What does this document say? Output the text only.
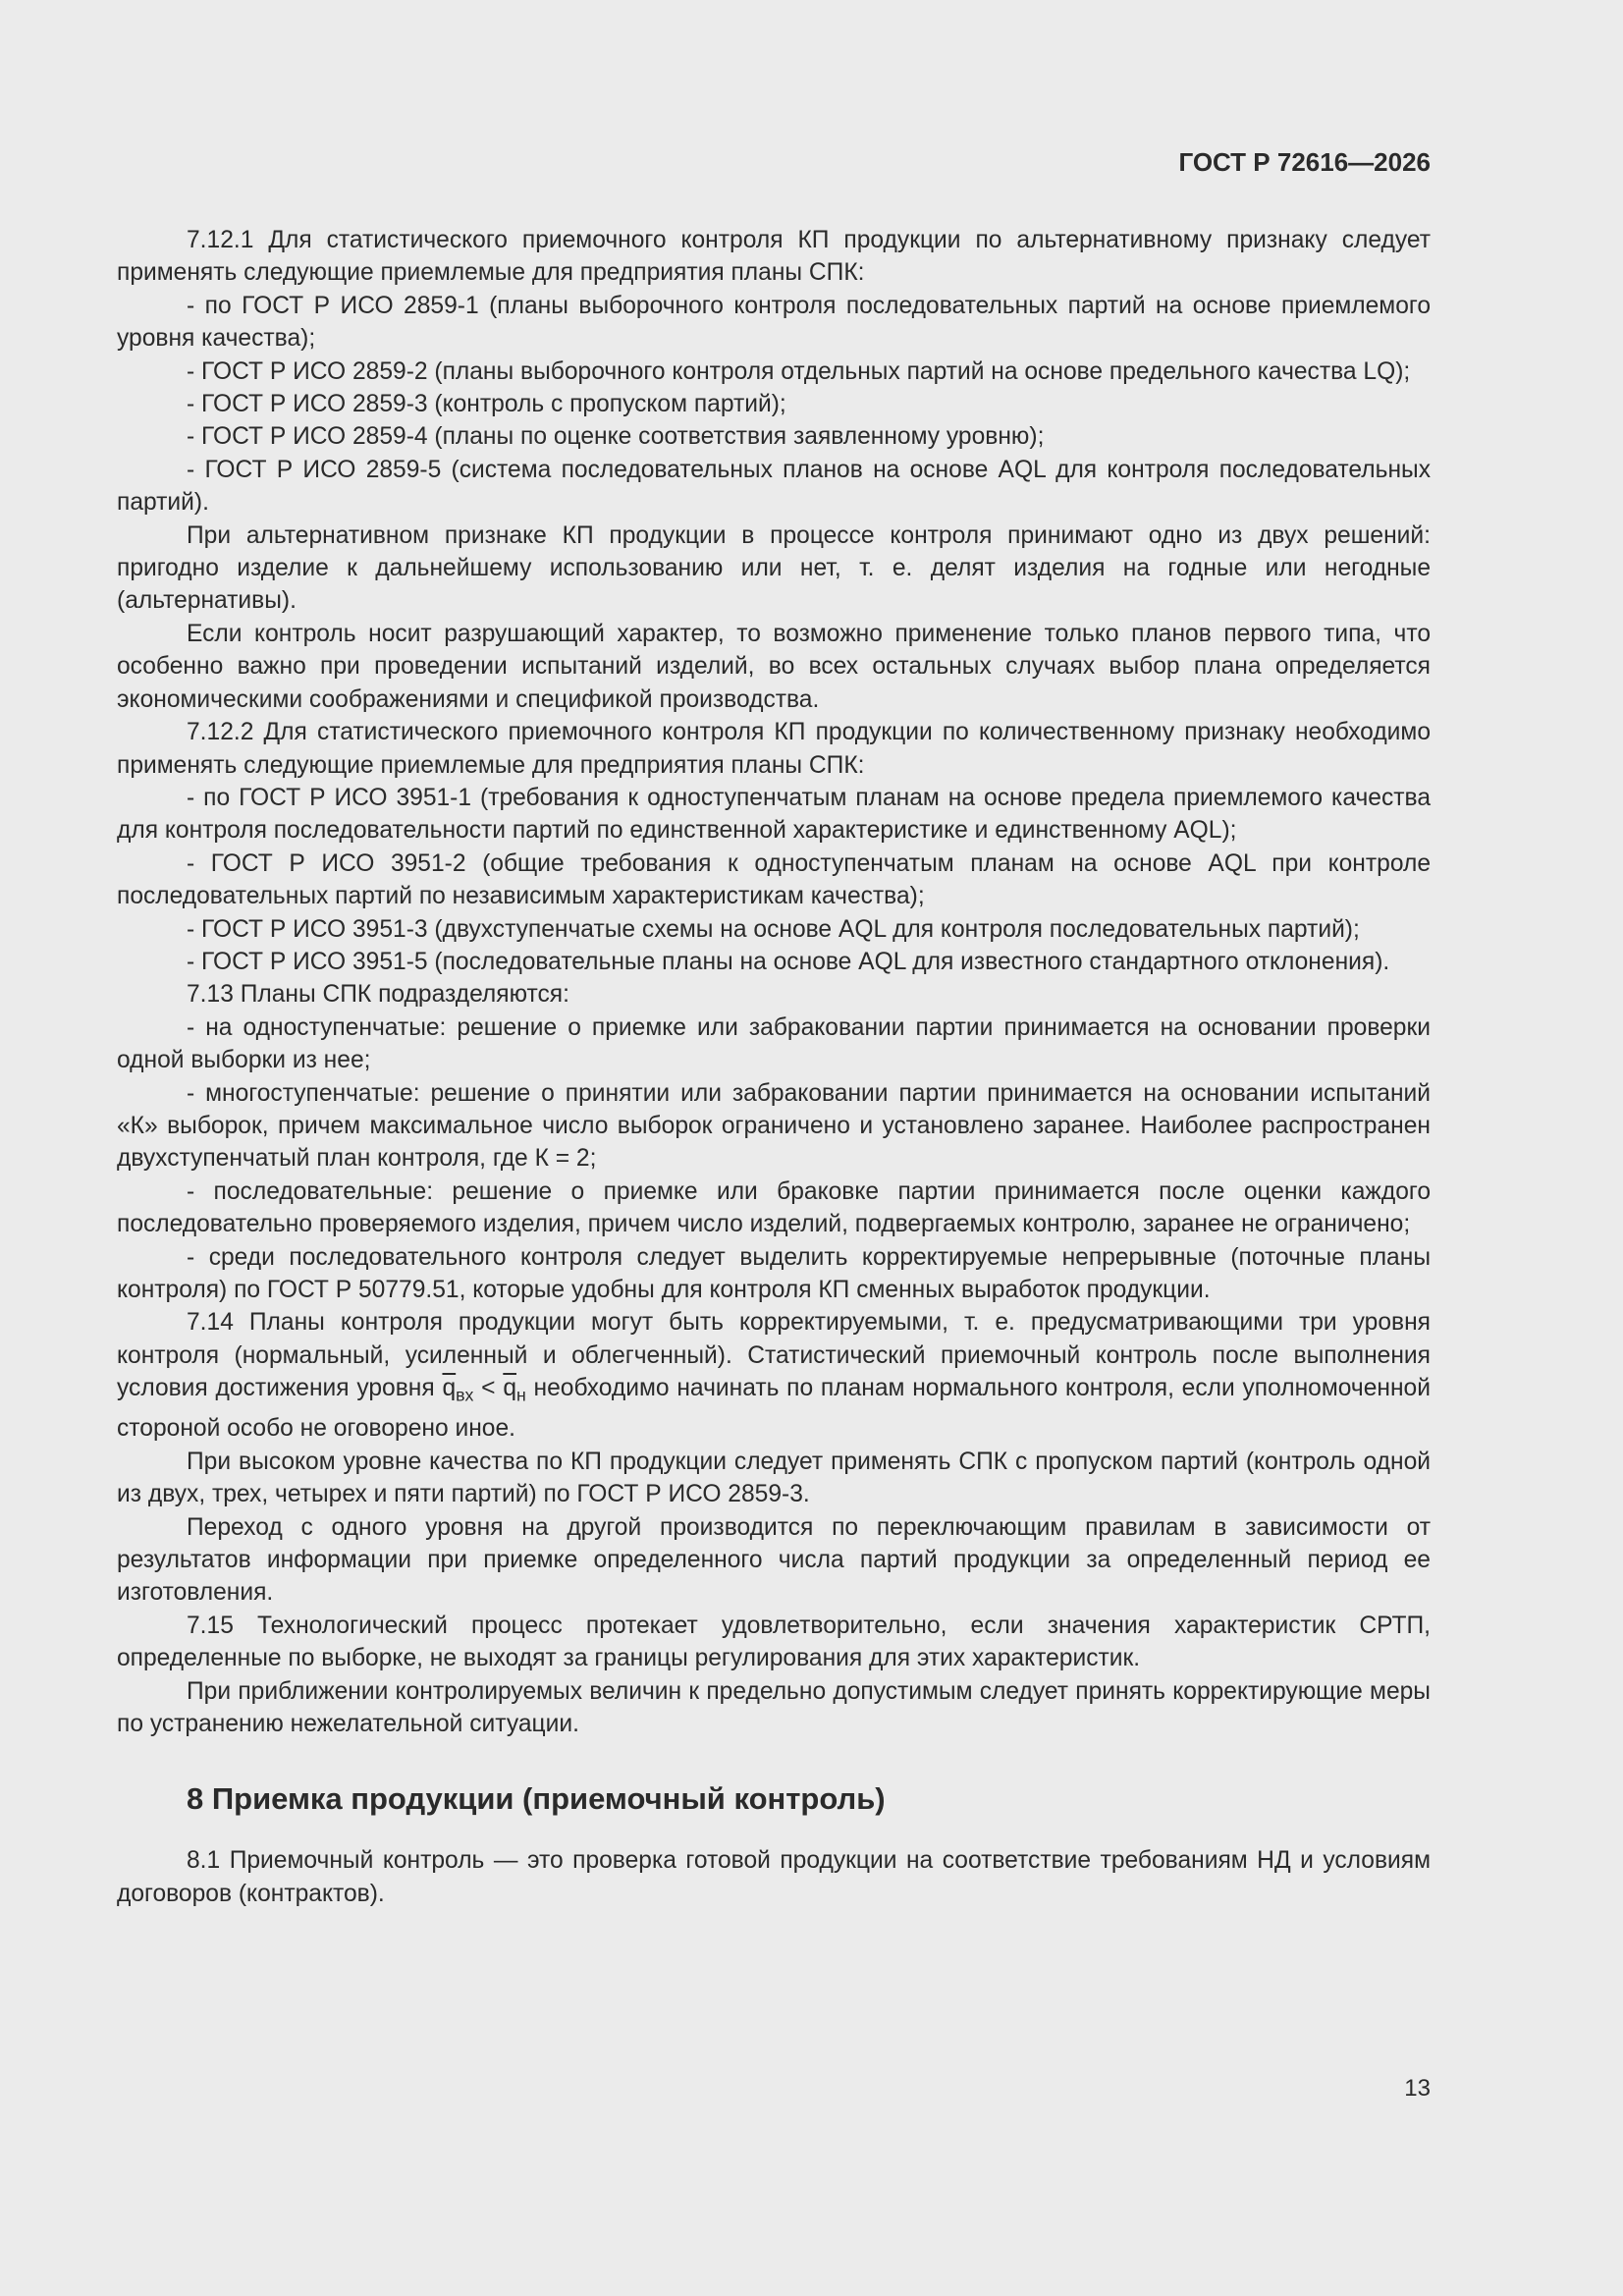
ГОСТ Р 72616—2026

7.12.1 Для статистического приемочного контроля КП продукции по альтернативному признаку следует применять следующие приемлемые для предприятия планы СПК:

- по ГОСТ Р ИСО 2859-1 (планы выборочного контроля последовательных партий на основе приемлемого уровня качества);

- ГОСТ Р ИСО 2859-2 (планы выборочного контроля отдельных партий на основе предельного качества LQ);

- ГОСТ Р ИСО 2859-3 (контроль с пропуском партий);

- ГОСТ Р ИСО 2859-4 (планы по оценке соответствия заявленному уровню);

- ГОСТ Р ИСО 2859-5 (система последовательных планов на основе AQL для контроля последовательных партий).

При альтернативном признаке КП продукции в процессе контроля принимают одно из двух решений: пригодно изделие к дальнейшему использованию или нет, т. е. делят изделия на годные или негодные (альтернативы).

Если контроль носит разрушающий характер, то возможно применение только планов первого типа, что особенно важно при проведении испытаний изделий, во всех остальных случаях выбор плана определяется экономическими соображениями и спецификой производства.

7.12.2 Для статистического приемочного контроля КП продукции по количественному признаку необходимо применять следующие приемлемые для предприятия планы СПК:

- по ГОСТ Р ИСО 3951-1 (требования к одноступенчатым планам на основе предела приемлемого качества для контроля последовательности партий по единственной характеристике и единственному AQL);

- ГОСТ Р ИСО 3951-2 (общие требования к одноступенчатым планам на основе AQL при контроле последовательных партий по независимым характеристикам качества);

- ГОСТ Р ИСО 3951-3 (двухступенчатые схемы на основе AQL для контроля последовательных партий);

- ГОСТ Р ИСО 3951-5 (последовательные планы на основе AQL для известного стандартного отклонения).

7.13 Планы СПК подразделяются:

- на одноступенчатые: решение о приемке или забраковании партии принимается на основании проверки одной выборки из нее;

- многоступенчатые: решение о принятии или забраковании партии принимается на основании испытаний «К» выборок, причем максимальное число выборок ограничено и установлено заранее. Наиболее распространен двухступенчатый план контроля, где К = 2;

- последовательные: решение о приемке или браковке партии принимается после оценки каждого последовательно проверяемого изделия, причем число изделий, подвергаемых контролю, заранее не ограничено;

- среди последовательного контроля следует выделить корректируемые непрерывные (поточные планы контроля) по ГОСТ Р 50779.51, которые удобны для контроля КП сменных выработок продукции.

7.14 Планы контроля продукции могут быть корректируемыми, т. е. предусматривающими три уровня контроля (нормальный, усиленный и облегченный). Статистический приемочный контроль после выполнения условия достижения уровня $\overline{q}_{вх} < \overline{q}_н$ необходимо начинать по планам нормального контроля, если уполномоченной стороной особо не оговорено иное.

При высоком уровне качества по КП продукции следует применять СПК с пропуском партий (контроль одной из двух, трех, четырех и пяти партий) по ГОСТ Р ИСО 2859-3.

Переход с одного уровня на другой производится по переключающим правилам в зависимости от результатов информации при приемке определенного числа партий продукции за определенный период ее изготовления.

7.15 Технологический процесс протекает удовлетворительно, если значения характеристик СРТП, определенные по выборке, не выходят за границы регулирования для этих характеристик.

При приближении контролируемых величин к предельно допустимым следует принять корректирующие меры по устранению нежелательной ситуации.

8 Приемка продукции (приемочный контроль)

8.1 Приемочный контроль — это проверка готовой продукции на соответствие требованиям НД и условиям договоров (контрактов).

13
